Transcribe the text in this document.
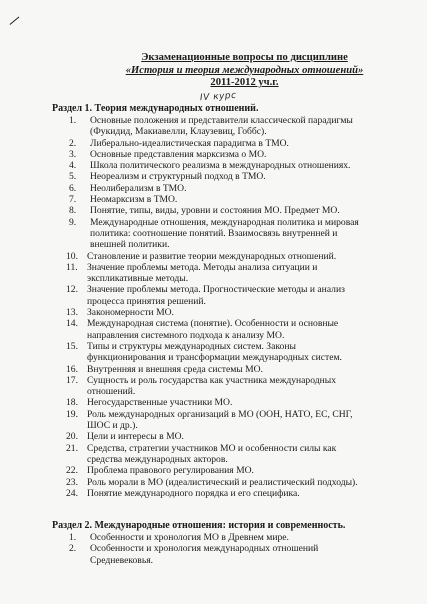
Экзаменационные вопросы по дисциплине
«История и теория международных отношений»
2011-2012 уч.г.
IV курс
Раздел 1. Теория международных отношений.
1.	Основные положения и представители классической парадигмы (Фукидид, Макиавелли, Клаузевиц, Гоббс).
2.	Либерально-идеалистическая парадигма в ТМО.
3.	Основные представления марксизма о МО.
4.	Школа политического реализма в международных отношениях.
5.	Неореализм и структурный подход в ТМО.
6.	Неолиберализм в ТМО.
7.	Неомарксизм в ТМО.
8.	Понятие, типы, виды, уровни и состояния МО. Предмет МО.
9.	Международные отношения, международная политика и мировая политика: соотношение понятий. Взаимосвязь внутренней и внешней политики.
10. Становление и развитие теории международных отношений.
11. Значение проблемы метода. Методы анализа ситуации и экспликативные методы.
12. Значение проблемы метода. Прогностические методы и анализ процесса принятия решений.
13. Закономерности МО.
14. Международная система (понятие). Особенности и основные направления системного подхода к анализу МО.
15. Типы и структуры международных систем. Законы функционирования и трансформации международных систем.
16. Внутренняя и внешняя среда системы МО.
17. Сущность и роль государства как участника международных отношений.
18. Негосударственные участники МО.
19. Роль международных организаций в МО (ООН, НАТО, ЕС, СНГ, ШОС и др.).
20. Цели и интересы в МО.
21. Средства, стратегии участников МО и особенности силы как средства международных акторов.
22. Проблема правового регулирования МО.
23. Роль морали в МО (идеалистический и реалистический подходы).
24. Понятие международного порядка и его специфика.
Раздел 2. Международные отношения: история и современность.
1.	Особенности и хронология МО в Древнем мире.
2.	Особенности и хронология международных отношений Средневековья.
